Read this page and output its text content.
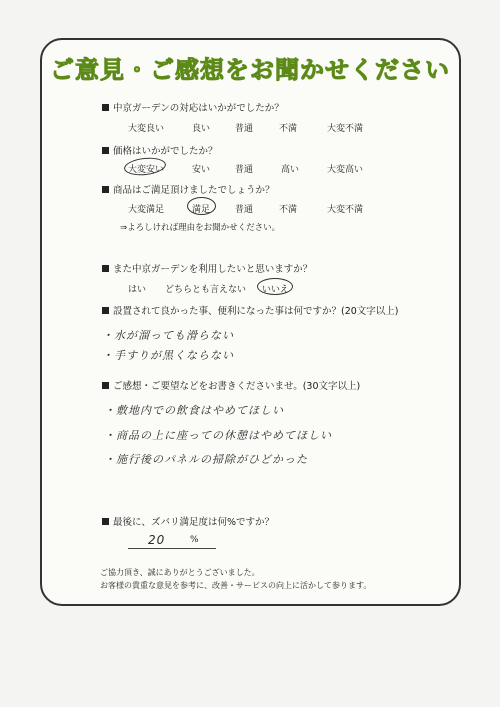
ご意見・ご感想をお聞かせください
中京ガーデンの対応はいかがでしたか？
大変良い	良い	普通	不満	大変不満
価格はいかがでしたか？
大変安い	安い	普通	高い	大変高い
商品はご満足頂けましたでしょうか？
大変満足	満足	普通	不満	大変不満
⇒よろしければ理由をお聞かせください。
また中京ガーデンを利用したいと思いますか？
はい どちらとも言えない いいえ
設置されて良かった事、便利になった事は何ですか？(20文字以上)
・水が溜っても滑らない
・手すりが黒くならない
ご感想・ご要望などをお書きくださいませ。(30文字以上)
・敷地内での飲食はやめてほしい
・商品の上に座っての休憩はやめてほしい
・施行後のパネルの掃除がひどかった
最後に、ズバリ満足度は何%ですか？
20	%
ご協力頂き、誠にありがとうございました。
お客様の貴重な意見を参考に、改善・サービスの向上に活かして参ります。
